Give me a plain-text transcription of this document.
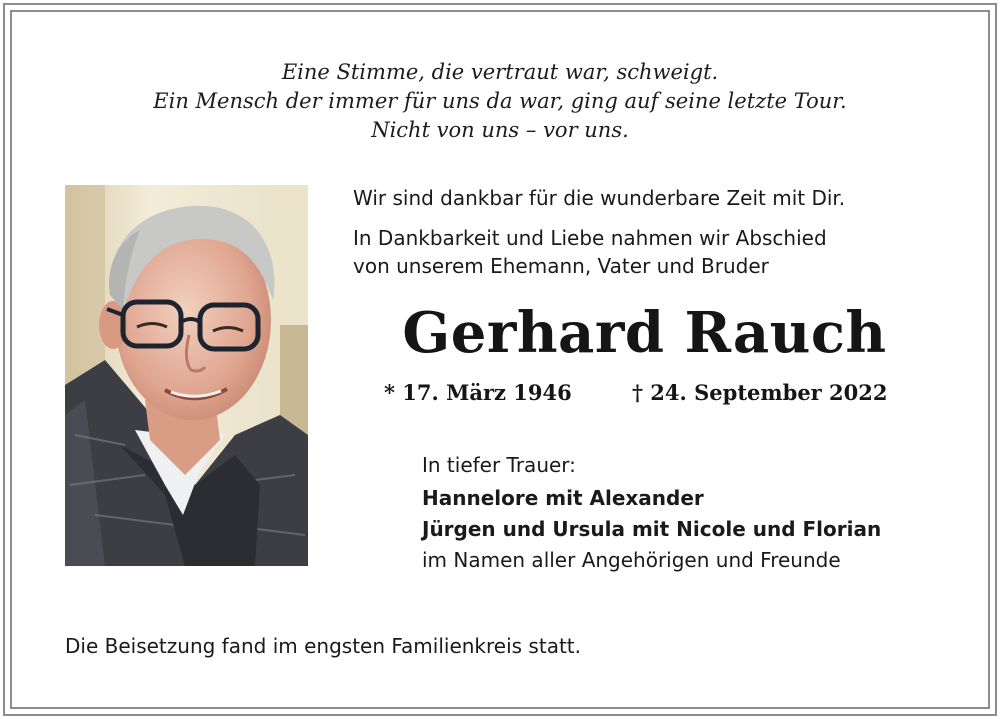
Eine Stimme, die vertraut war, schweigt.
Ein Mensch der immer für uns da war, ging auf seine letzte Tour.
Nicht von uns – vor uns.
Wir sind dankbar für die wunderbare Zeit mit Dir.
In Dankbarkeit und Liebe nahmen wir Abschied
von unserem Ehemann, Vater und Bruder
Gerhard Rauch
* 17. März 1946	† 24. September 2022
In tiefer Trauer:
Hannelore mit Alexander
Jürgen und Ursula mit Nicole und Florian
im Namen aller Angehörigen und Freunde
Die Beisetzung fand im engsten Familienkreis statt.
